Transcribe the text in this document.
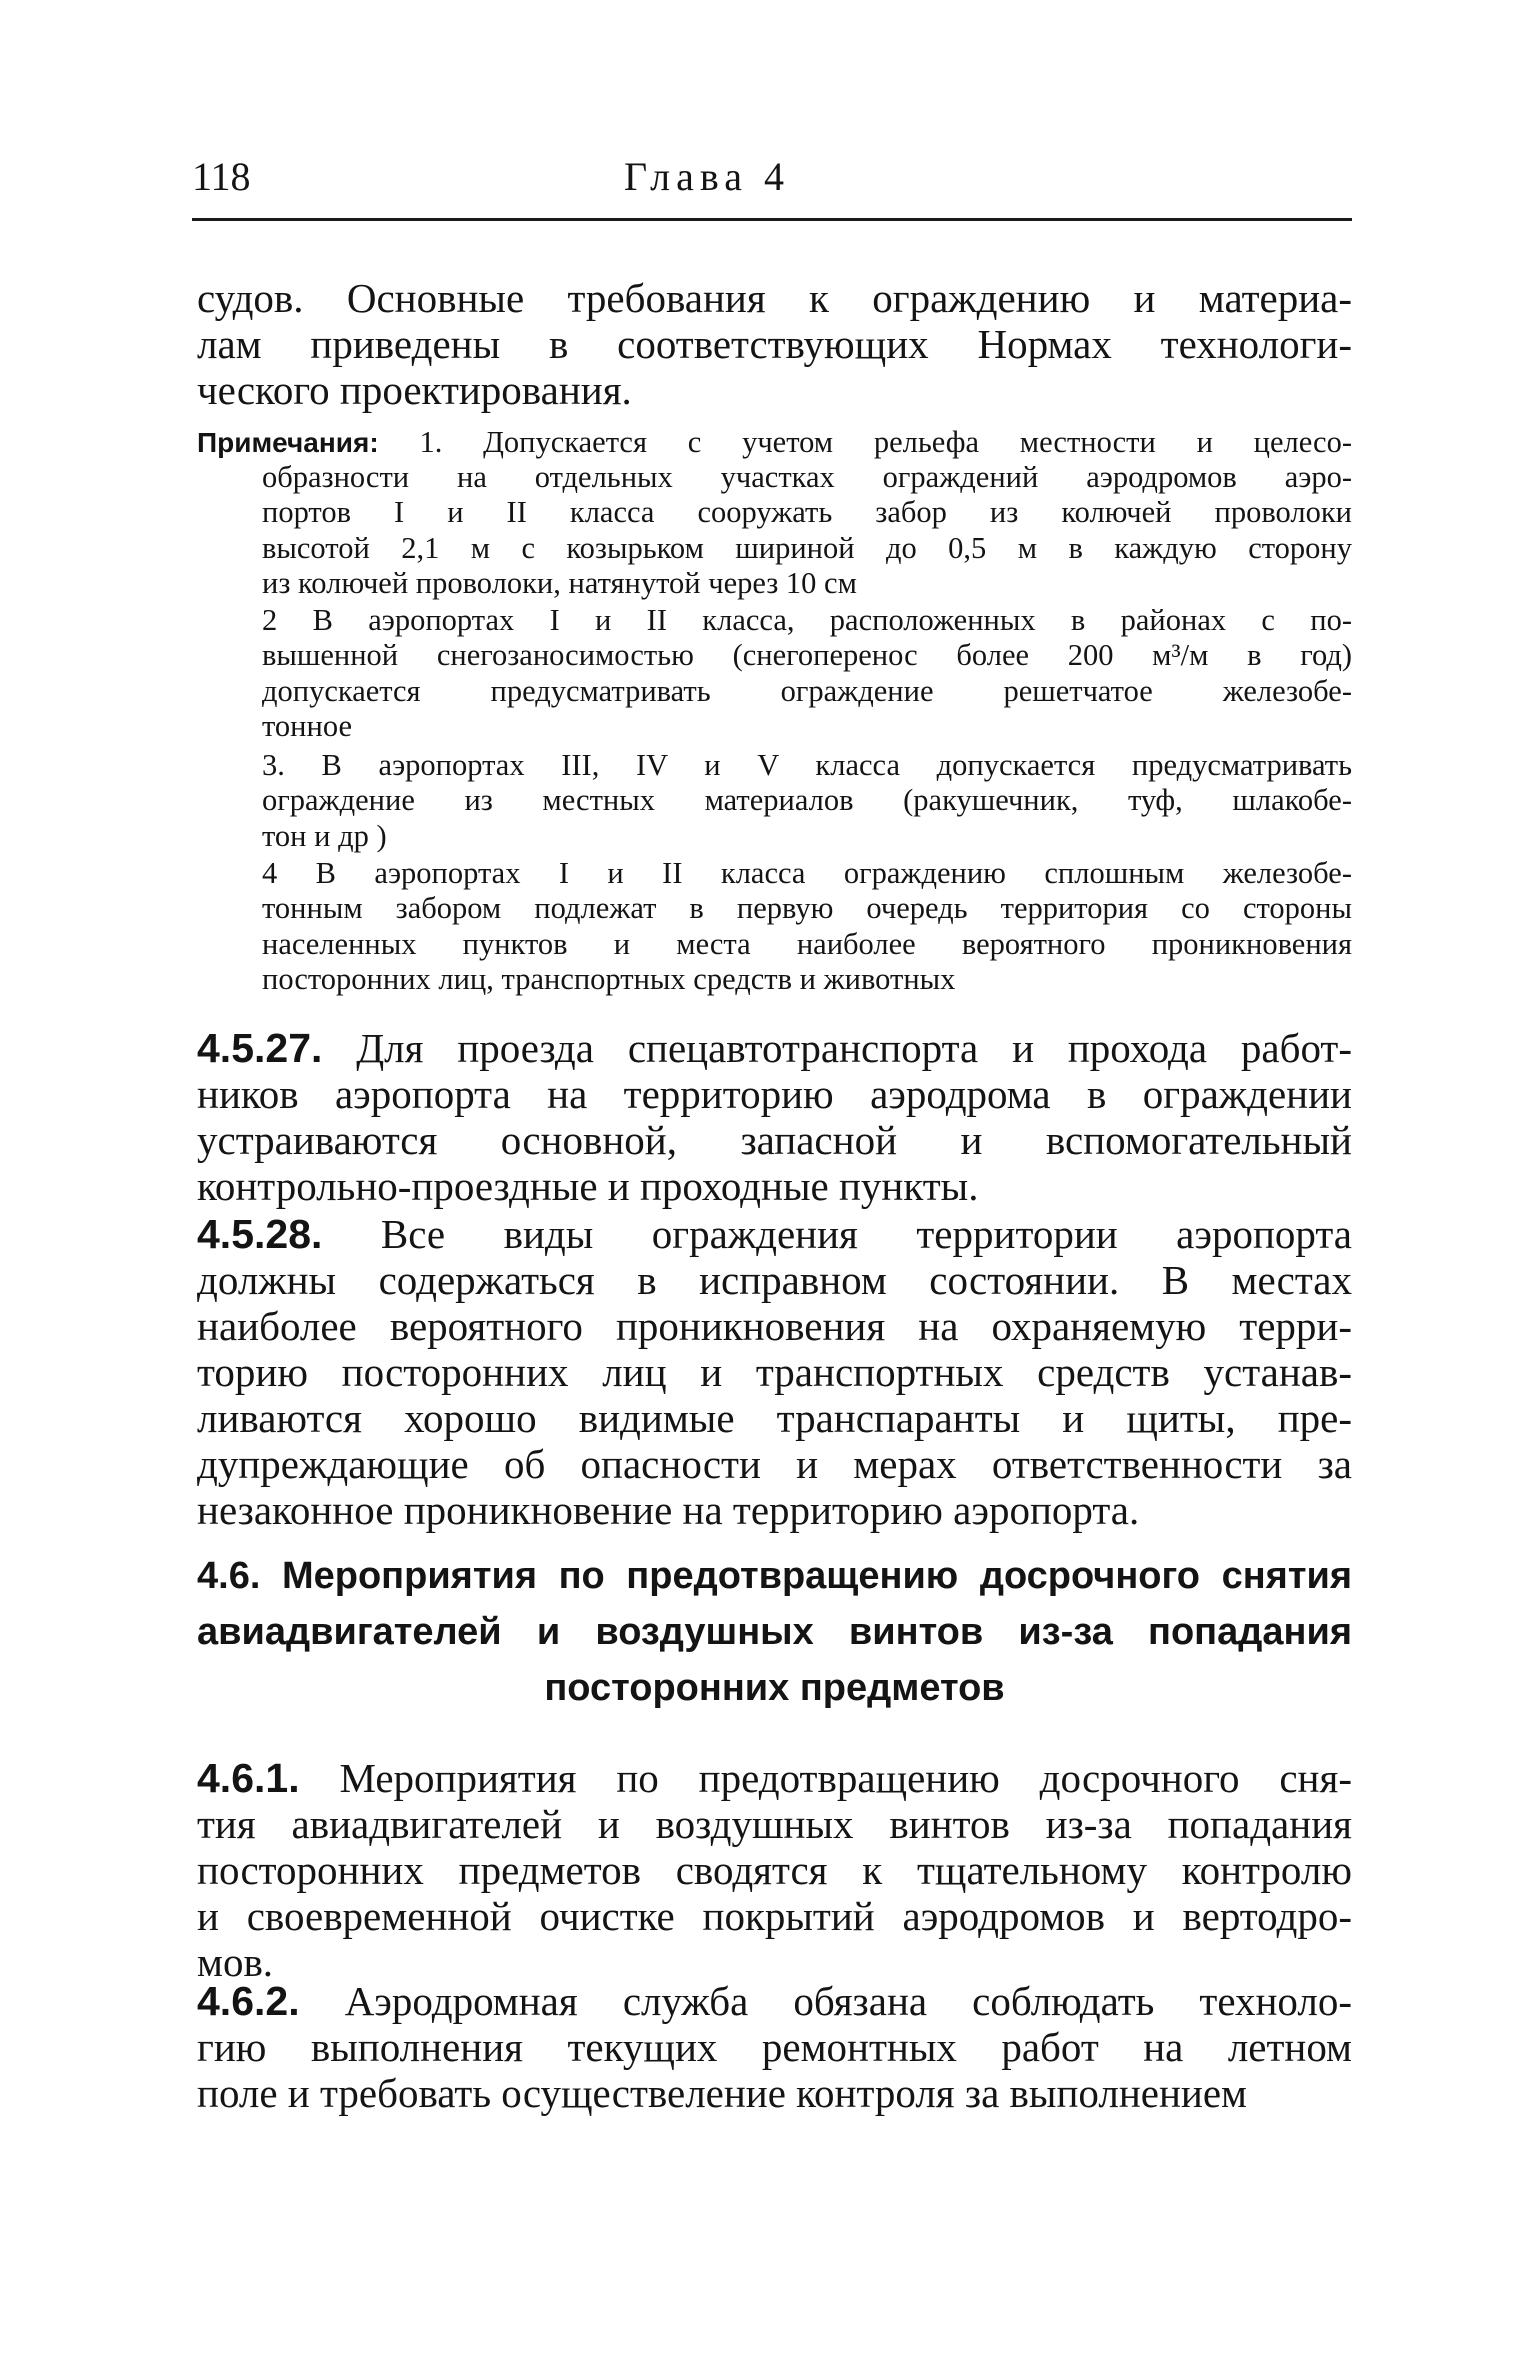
118	Глава 4
судов. Основные требования к ограждению и материа-
лам приведены в соответствующих Нормах технологи-
ческого проектирования.
Примечания: 1. Допускается с учетом рельефа местности и целесо-
образности на отдельных участках ограждений аэродромов аэро-
портов I и II класса сооружать забор из колючей проволоки
высотой 2,1 м с козырьком шириной до 0,5 м в каждую сторону
из колючей проволоки, натянутой через 10 см
2 В аэропортах I и II класса, расположенных в районах с по-
вышенной снегозаносимостью (снегоперенос более 200 м³/м в год)
допускается предусматривать ограждение решетчатое железобе-
тонное
3. В аэропортах III, IV и V класса допускается предусматривать
ограждение из местных материалов (ракушечник, туф, шлакобе-
тон и др )
4 В аэропортах I и II класса ограждению сплошным железобе-
тонным забором подлежат в первую очередь территория со стороны
населенных пунктов и места наиболее вероятного проникновения
посторонних лиц, транспортных средств и животных
4.5.27. Для проезда спецавтотранспорта и прохода работ-
ников аэропорта на территорию аэродрома в ограждении
устраиваются основной, запасной и вспомогательный
контрольно-проездные и проходные пункты.
4.5.28. Все виды ограждения территории аэропорта
должны содержаться в исправном состоянии. В местах
наиболее вероятного проникновения на охраняемую терри-
торию посторонних лиц и транспортных средств устанав-
ливаются хорошо видимые транспаранты и щиты, пре-
дупреждающие об опасности и мерах ответственности за
незаконное проникновение на территорию аэропорта.
4.6. Мероприятия по предотвращению досрочного снятия
авиадвигателей и воздушных винтов из-за попадания
посторонних предметов
4.6.1. Мероприятия по предотвращению досрочного сня-
тия авиадвигателей и воздушных винтов из-за попадания
посторонних предметов сводятся к тщательному контролю
и своевременной очистке покрытий аэродромов и вертодро-
мов.
4.6.2. Аэродромная служба обязана соблюдать техноло-
гию выполнения текущих ремонтных работ на летном
поле и требовать осуществеление контроля за выполнением
